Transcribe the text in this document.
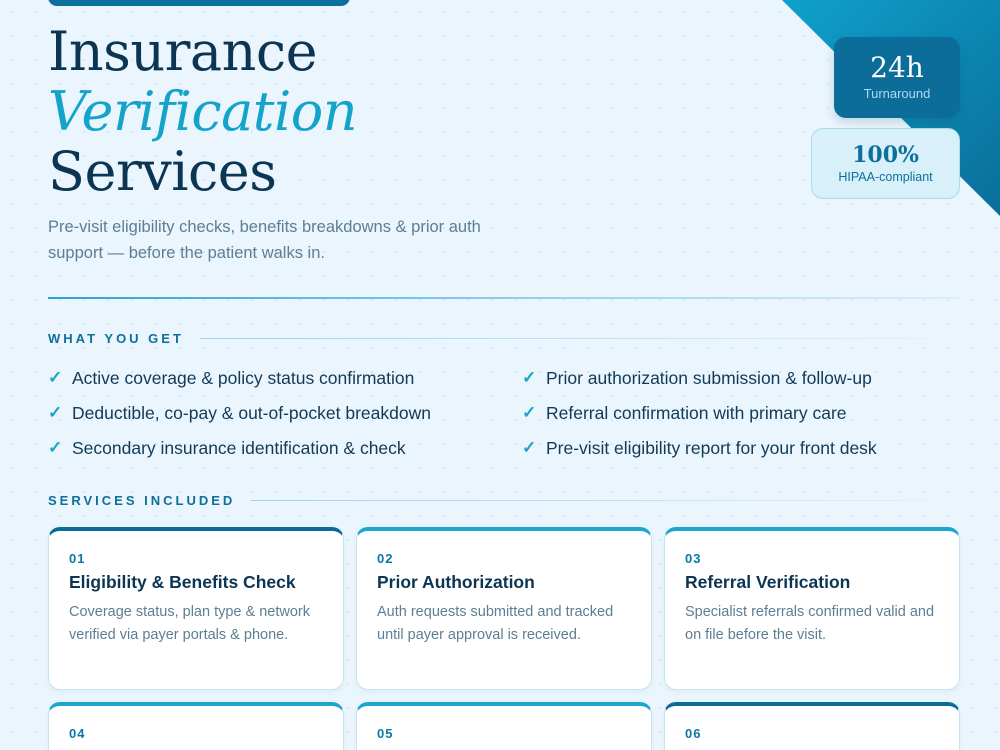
Insurance
Verification
Services

Pre-visit eligibility checks, benefits breakdowns & prior auth support — before the patient walks in.

24h
Turnaround
100%
HIPAA-compliant
WHAT YOU GET
✓ Active coverage & policy status confirmation	✓ Prior authorization submission & follow-up
✓ Deductible, co-pay & out-of-pocket breakdown	✓ Referral confirmation with primary care
✓ Secondary insurance identification & check	✓ Pre-visit eligibility report for your front desk
SERVICES INCLUDED
01
Eligibility & Benefits Check
Coverage status, plan type & network verified via payer portals & phone.
02
Prior Authorization
Auth requests submitted and tracked until payer approval is received.
03
Referral Verification
Specialist referrals confirmed valid and on file before the visit.
04	05	06
